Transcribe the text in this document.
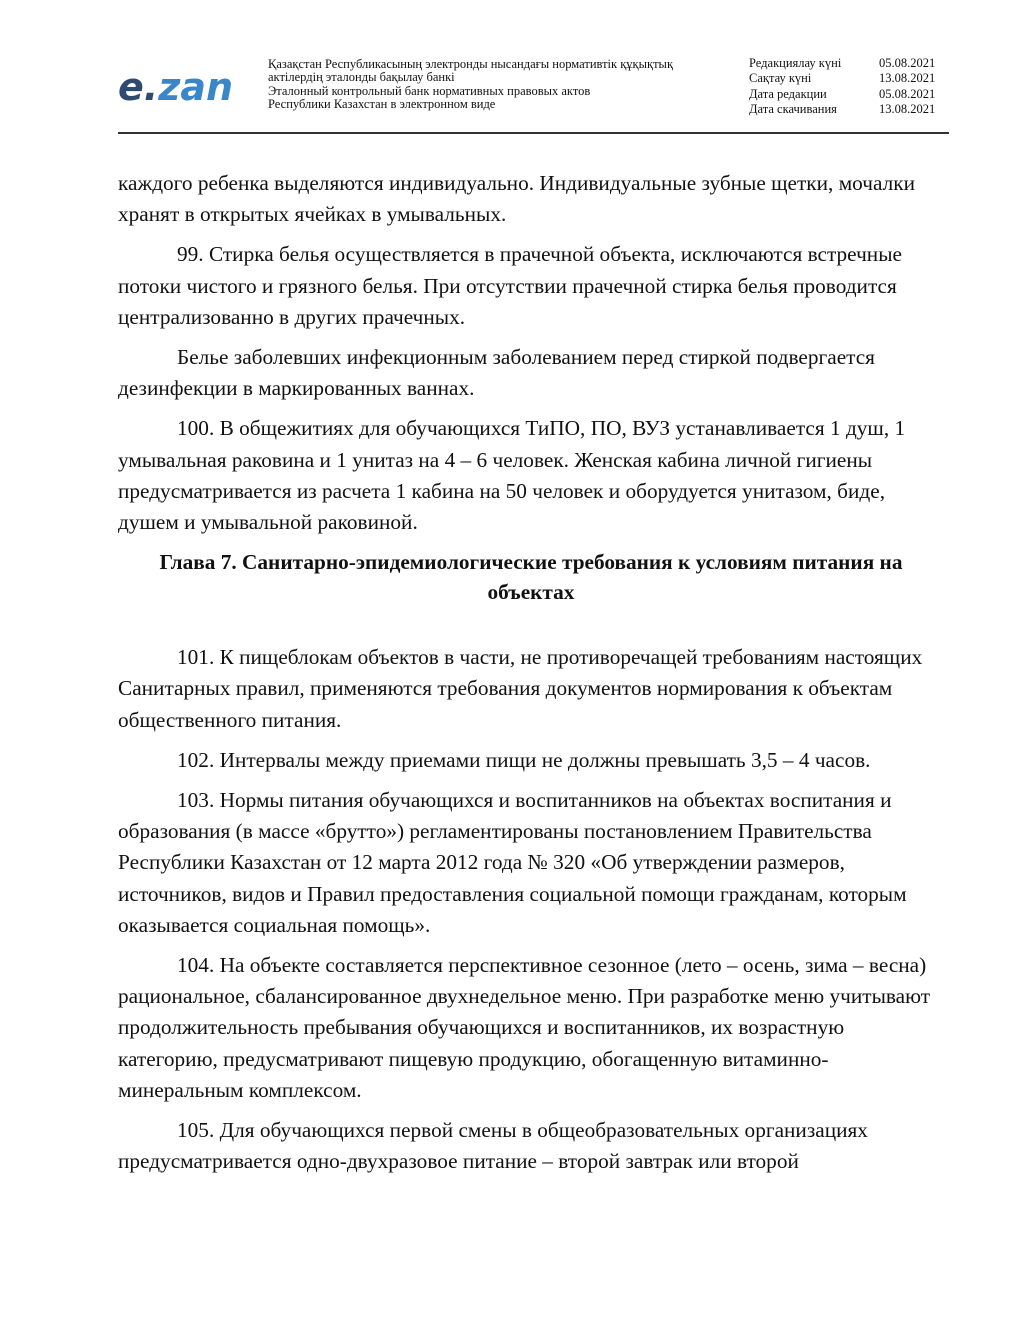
e.zan
Қазақстан Республикасының электронды нысандағы нормативтік құқықтық
актілердің эталонды бақылау банкі
Эталонный контрольный банк нормативных правовых актов
Республики Казахстан в электронном виде
Редакциялау күні	05.08.2021
Сақтау күні	13.08.2021
Дата редакции	05.08.2021
Дата скачивания	13.08.2021

каждого ребенка выделяются индивидуально. Индивидуальные зубные щетки, мочалки хранят в открытых ячейках в умывальных.

99. Стирка белья осуществляется в прачечной объекта, исключаются встречные потоки чистого и грязного белья. При отсутствии прачечной стирка белья проводится централизованно в других прачечных.

Белье заболевших инфекционным заболеванием перед стиркой подвергается дезинфекции в маркированных ваннах.

100. В общежитиях для обучающихся ТиПО, ПО, ВУЗ устанавливается 1 душ, 1 умывальная раковина и 1 унитаз на 4 – 6 человек. Женская кабина личной гигиены предусматривается из расчета 1 кабина на 50 человек и оборудуется унитазом, биде, душем и умывальной раковиной.

Глава 7. Санитарно-эпидемиологические требования к условиям питания на объектах

101. К пищеблокам объектов в части, не противоречащей требованиям настоящих Санитарных правил, применяются требования документов нормирования к объектам общественного питания.

102. Интервалы между приемами пищи не должны превышать 3,5 – 4 часов.

103. Нормы питания обучающихся и воспитанников на объектах воспитания и образования (в массе «брутто») регламентированы постановлением Правительства Республики Казахстан от 12 марта 2012 года № 320 «Об утверждении размеров, источников, видов и Правил предоставления социальной помощи гражданам, которым оказывается социальная помощь».

104. На объекте составляется перспективное сезонное (лето – осень, зима – весна) рациональное, сбалансированное двухнедельное меню. При разработке меню учитывают продолжительность пребывания обучающихся и воспитанников, их возрастную категорию, предусматривают пищевую продукцию, обогащенную витаминно-минеральным комплексом.

105. Для обучающихся первой смены в общеобразовательных организациях предусматривается одно-двухразовое питание – второй завтрак или второй
